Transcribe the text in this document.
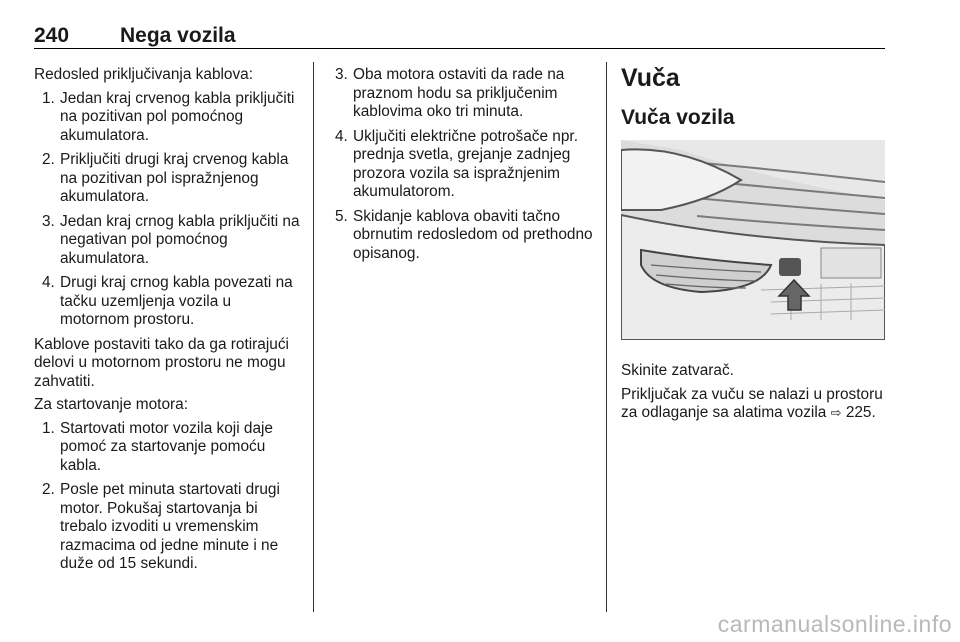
240 Nega vozila

Redosled priključivanja kablova:

1. Jedan kraj crvenog kabla priključiti na pozitivan pol pomoćnog akumulatora.
2. Priključiti drugi kraj crvenog kabla na pozitivan pol ispražnjenog akumulatora.
3. Jedan kraj crnog kabla priključiti na negativan pol pomoćnog akumulatora.
4. Drugi kraj crnog kabla povezati na tačku uzemljenja vozila u motornom prostoru.

Kablove postaviti tako da ga rotirajući delovi u motornom prostoru ne mogu zahvatiti.

Za startovanje motora:

1. Startovati motor vozila koji daje pomoć za startovanje pomoću kabla.
2. Posle pet minuta startovati drugi motor. Pokušaj startovanja bi trebalo izvoditi u vremenskim razmacima od jedne minute i ne duže od 15 sekundi.
3. Oba motora ostaviti da rade na praznom hodu sa priključenim kablovima oko tri minuta.
4. Uključiti električne potrošače npr. prednja svetla, grejanje zadnjeg prozora vozila sa ispražnjenim akumulatorom.
5. Skidanje kablova obaviti tačno obrnutim redosledom od prethodno opisanog.
Vuča
Vuča vozila

Skinite zatvarač.

Priključak za vuču se nalazi u prostoru za odlaganje sa alatima vozila ⇨ 225.

carmanualsonline.info
